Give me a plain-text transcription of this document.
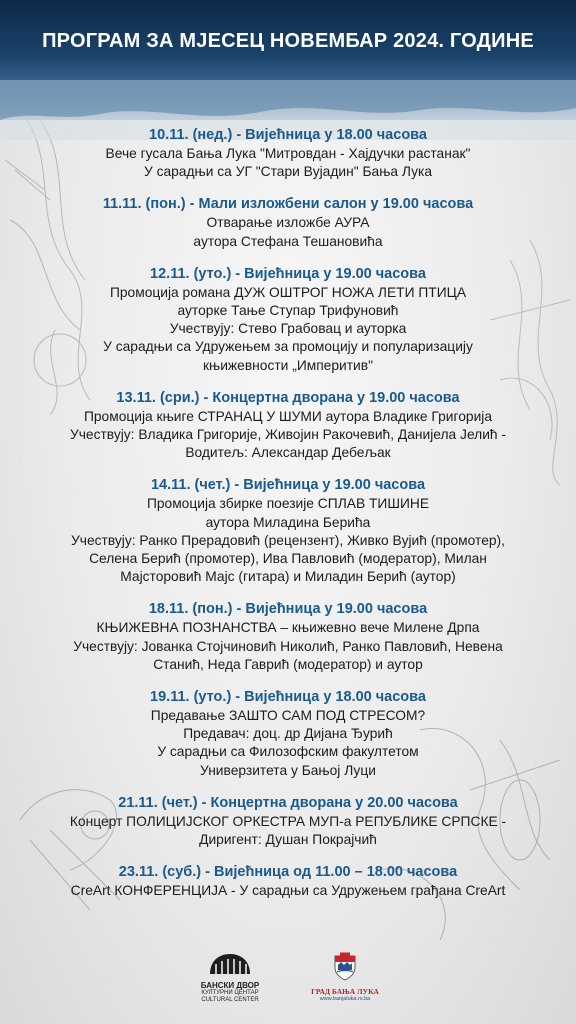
ПРОГРАМ ЗА МЈЕСЕЦ НОВЕМБАР 2024. ГОДИНЕ
10.11. (нед.) - Вијећница у 18.00 часова
Вече гусала Бања Лука "Митровдан - Хајдучки растанак"
У сарадњи са УГ "Стари Вујадин" Бања Лука
11.11. (пон.) - Мали изложбени салон у 19.00 часова
Отварање изложбе АУРА
аутора Стефана Тешановића
12.11. (уто.) - Вијећница у 19.00 часова
Промоција романа ДУЖ ОШТРОГ НОЖА ЛЕТИ ПТИЦА
ауторке Тање Ступар Трифуновић
Учествују: Стево Грабовац и ауторка
У сарадњи са Удружењем за промоцију и популаризацију
књижевности „Империтив"
13.11. (сри.) - Концертна дворана у 19.00 часова
Промоција књиге СТРАНАЦ У ШУМИ аутора Владике Григорија
Учествују: Владика Григорије, Живојин Ракочевић, Данијела Јелић -
Водитељ: Александар Дебељак
14.11. (чет.) - Вијећница у 19.00 часова
Промоција збирке поезије СПЛАВ ТИШИНЕ
аутора Миладина Берића
Учествују: Ранко Прерадовић (рецензент), Живко Вујић (промотер),
Селена Берић (промотер), Ива Павловић (модератор), Милан
Мајсторовић Мајс (гитара) и Миладин Берић (аутор)
18.11. (пон.) - Вијећница у 19.00 часова
КЊИЖЕВНА ПОЗНАНСТВА – књижевно вече Милене Дрпа
Учествују: Јованка Стојчиновић Николић, Ранко Павловић, Невена
Станић, Неда Гаврић (модератор) и аутор
19.11. (уто.) - Вијећница у 18.00 часова
Предавање ЗАШТО САМ ПОД СТРЕСОМ?
Предавач: доц. др Дијана Ђурић
У сарадњи са Филозофским факултетом
Универзитета у Бањој Луци
21.11. (чет.) - Концертна дворана у 20.00 часова
Концерт ПОЛИЦИЈСКОГ ОРКЕСТРА МУП-а РЕПУБЛИКЕ СРПСКЕ -
Диригент: Душан Покрајчић
23.11. (суб.) - Вијећница од 11.00 – 18.00 часова
CreArt КОНФЕРЕНЦИЈА - У сарадњи са Удружењем грађана CreArt
БАНСКИ ДВОР
КУЛТУРНИ ЦЕНТАР
CULTURAL CENTER
ГРАД БАЊА ЛУКА
www.banjaluka.rs.ba
